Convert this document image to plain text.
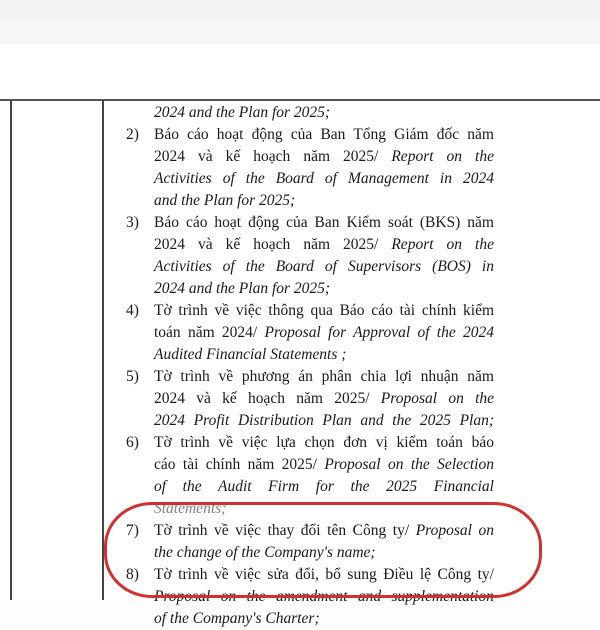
2024 and the Plan for 2025;
2) Báo cáo hoạt động của Ban Tổng Giám đốc năm
2024 và kế hoạch năm 2025/ Report on the
Activities of the Board of Management in 2024
and the Plan for 2025;
3) Báo cáo hoạt động của Ban Kiểm soát (BKS) năm
2024 và kế hoạch năm 2025/ Report on the
Activities of the Board of Supervisors (BOS) in
2024 and the Plan for 2025;
4) Tờ trình về việc thông qua Báo cáo tài chính kiểm
toán năm 2024/ Proposal for Approval of the 2024
Audited Financial Statements ;
5) Tờ trình về phương án phân chia lợi nhuận năm
2024 và kế hoạch năm 2025/ Proposal on the
2024 Profit Distribution Plan and the 2025 Plan;
6) Tờ trình về việc lựa chọn đơn vị kiểm toán báo
cáo tài chính năm 2025/ Proposal on the Selection
of the Audit Firm for the 2025 Financial
Statements;
7) Tờ trình về việc thay đổi tên Công ty/ Proposal on
the change of the Company's name;
8) Tờ trình về việc sửa đổi, bổ sung Điều lệ Công ty/
Proposal on the amendment and supplementation
of the Company's Charter;
